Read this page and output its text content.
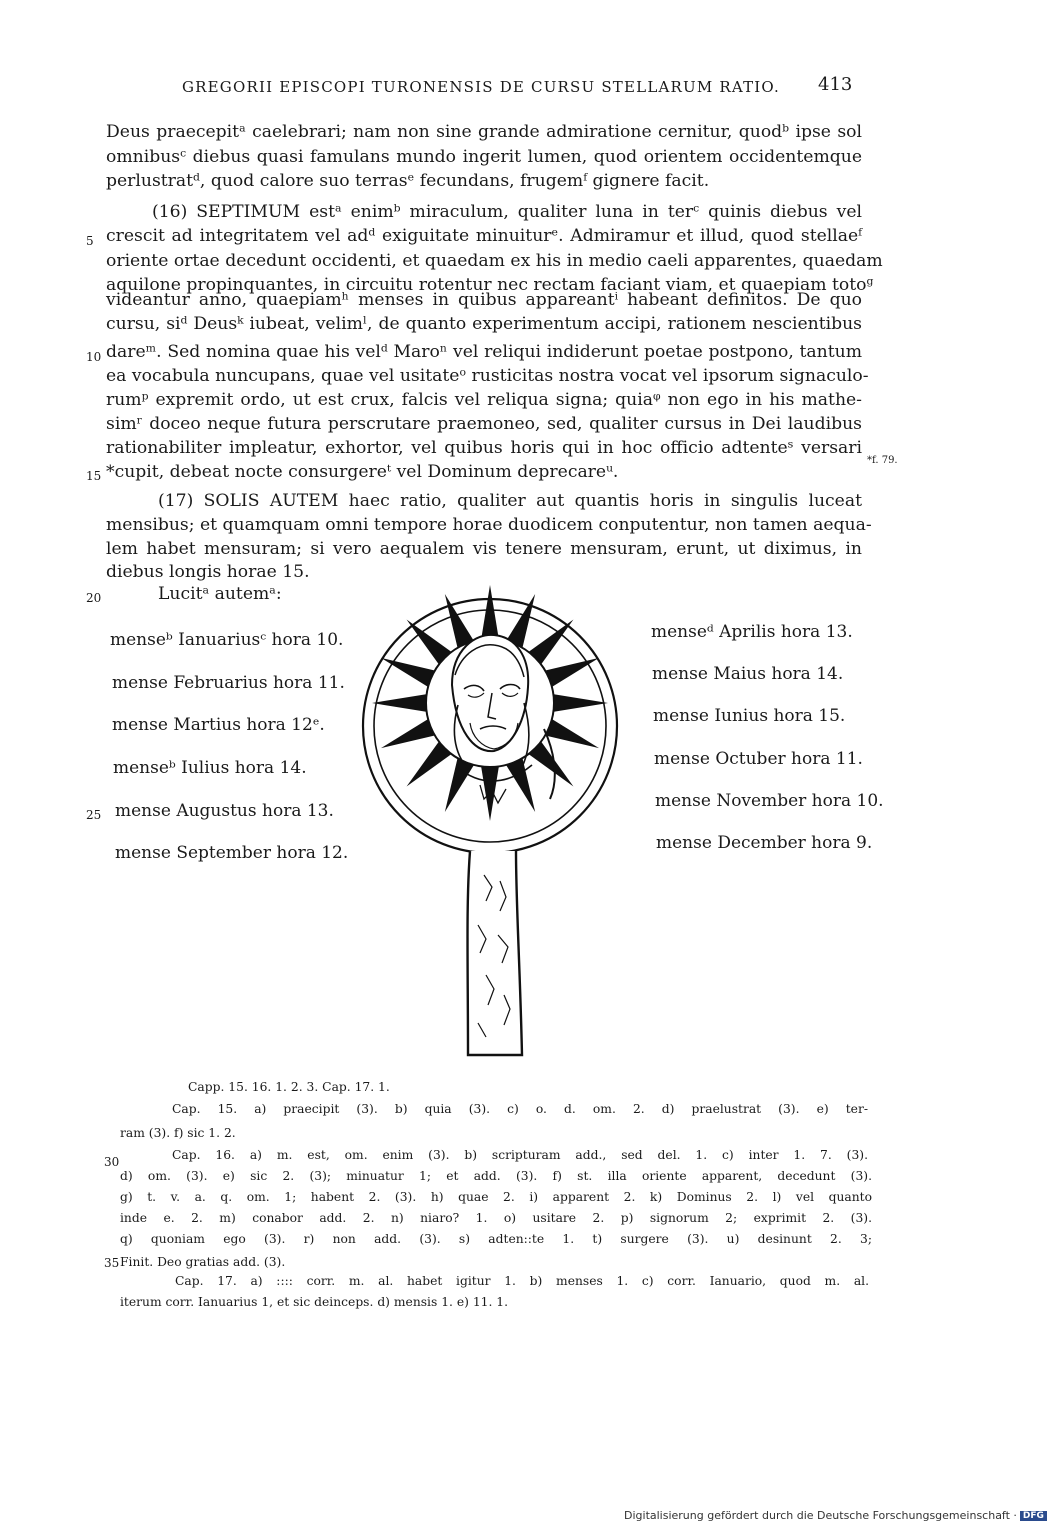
GREGORII EPISCOPI TURONENSIS DE CURSU STELLARUM RATIO.	413
Deus praecepitᵃ caelebrari; nam non sine grande admiratione cernitur, quodᵇ ipse sol
omnibusᶜ diebus quasi famulans mundo ingerit lumen, quod orientem occidentemque
perlustratᵈ, quod calore suo terrasᵉ fecundans, frugemᶠ gignere facit.
(16) SEPTIMUM estᵃ enimᵇ miraculum, qualiter luna in terᶜ quinis diebus vel
crescit ad integritatem vel adᵈ exiguitate minuiturᵉ. Admiramur et illud, quod stellaeᶠ
oriente ortae decedunt occidenti, et quaedam ex his in medio caeli apparentes, quaedam
aquilone propinquantes, in circuitu rotentur nec rectam faciant viam, et quaepiam totoᵍ
videantur anno, quaepiamʰ menses in quibus appareantⁱ habeant definitos. De quo
cursu, siᵈ Deusᵏ iubeat, velimˡ, de quanto experimentum accipi, rationem nescientibus
dareᵐ. Sed nomina quae his velᵈ Maroⁿ vel reliqui indiderunt poetae postpono, tantum
ea vocabula nuncupans, quae vel usitateᵒ rusticitas nostra vocat vel ipsorum signaculo-
rumᵖ expremit ordo, ut est crux, falcis vel reliqua signa; quiaᵠ non ego in his mathe-
simʳ doceo neque futura perscrutare praemoneo, sed, qualiter cursus in Dei laudibus
rationabiliter impleatur, exhortor, vel quibus horis qui in hoc officio adtenteˢ versari
*cupit, debeat nocte consurgereᵗ vel Dominum deprecareᵘ.
(17) SOLIS AUTEM haec ratio, qualiter aut quantis horis in singulis luceat
mensibus; et quamquam omni tempore horae duodicem conputentur, non tamen aequa-
lem habet mensuram; si vero aequalem vis tenere mensuram, erunt, ut diximus, in
diebus longis horae 15.
5
10
15
20
25
30
35
*f. 79.
Lucitᵃ autemᵃ:
menseᵇ Ianuariusᶜ hora 10.
mense Februarius hora 11.
mense Martius hora 12ᵉ.
menseᵇ Iulius hora 14.
mense Augustus hora 13.
mense September hora 12.
menseᵈ Aprilis hora 13.
mense Maius hora 14.
mense Iunius hora 15.
mense Octuber hora 11.
mense November hora 10.
mense December hora 9.
Capp. 15. 16. 1. 2. 3. Cap. 17. 1.
Cap. 15. a) praecipit (3). b) quia (3). c) o. d. om. 2. d) praelustrat (3). e) ter-
ram (3). f) sic 1. 2.
Cap. 16. a) m. est, om. enim (3). b) scripturam add., sed del. 1. c) inter 1. 7. (3).
d) om. (3). e) sic 2. (3); minuatur 1; et add. (3). f) st. illa oriente apparent, decedunt (3).
g) t. v. a. q. om. 1; habent 2. (3). h) quae 2. i) apparent 2. k) Dominus 2. l) vel quanto
inde e. 2. m) conabor add. 2. n) niaro? 1. o) usitare 2. p) signorum 2; exprimit 2. (3).
q) quoniam ego (3). r) non add. (3). s) adten::te 1. t) surgere (3). u) desinunt 2. 3;
Finit. Deo gratias add. (3).
Cap. 17. a) :::: corr. m. al. habet igitur 1. b) menses 1. c) corr. Ianuario, quod m. al.
iterum corr. Ianuarius 1, et sic deinceps. d) mensis 1. e) 11. 1.
Digitalisierung gefördert durch die Deutsche Forschungsgemeinschaft · DFG
